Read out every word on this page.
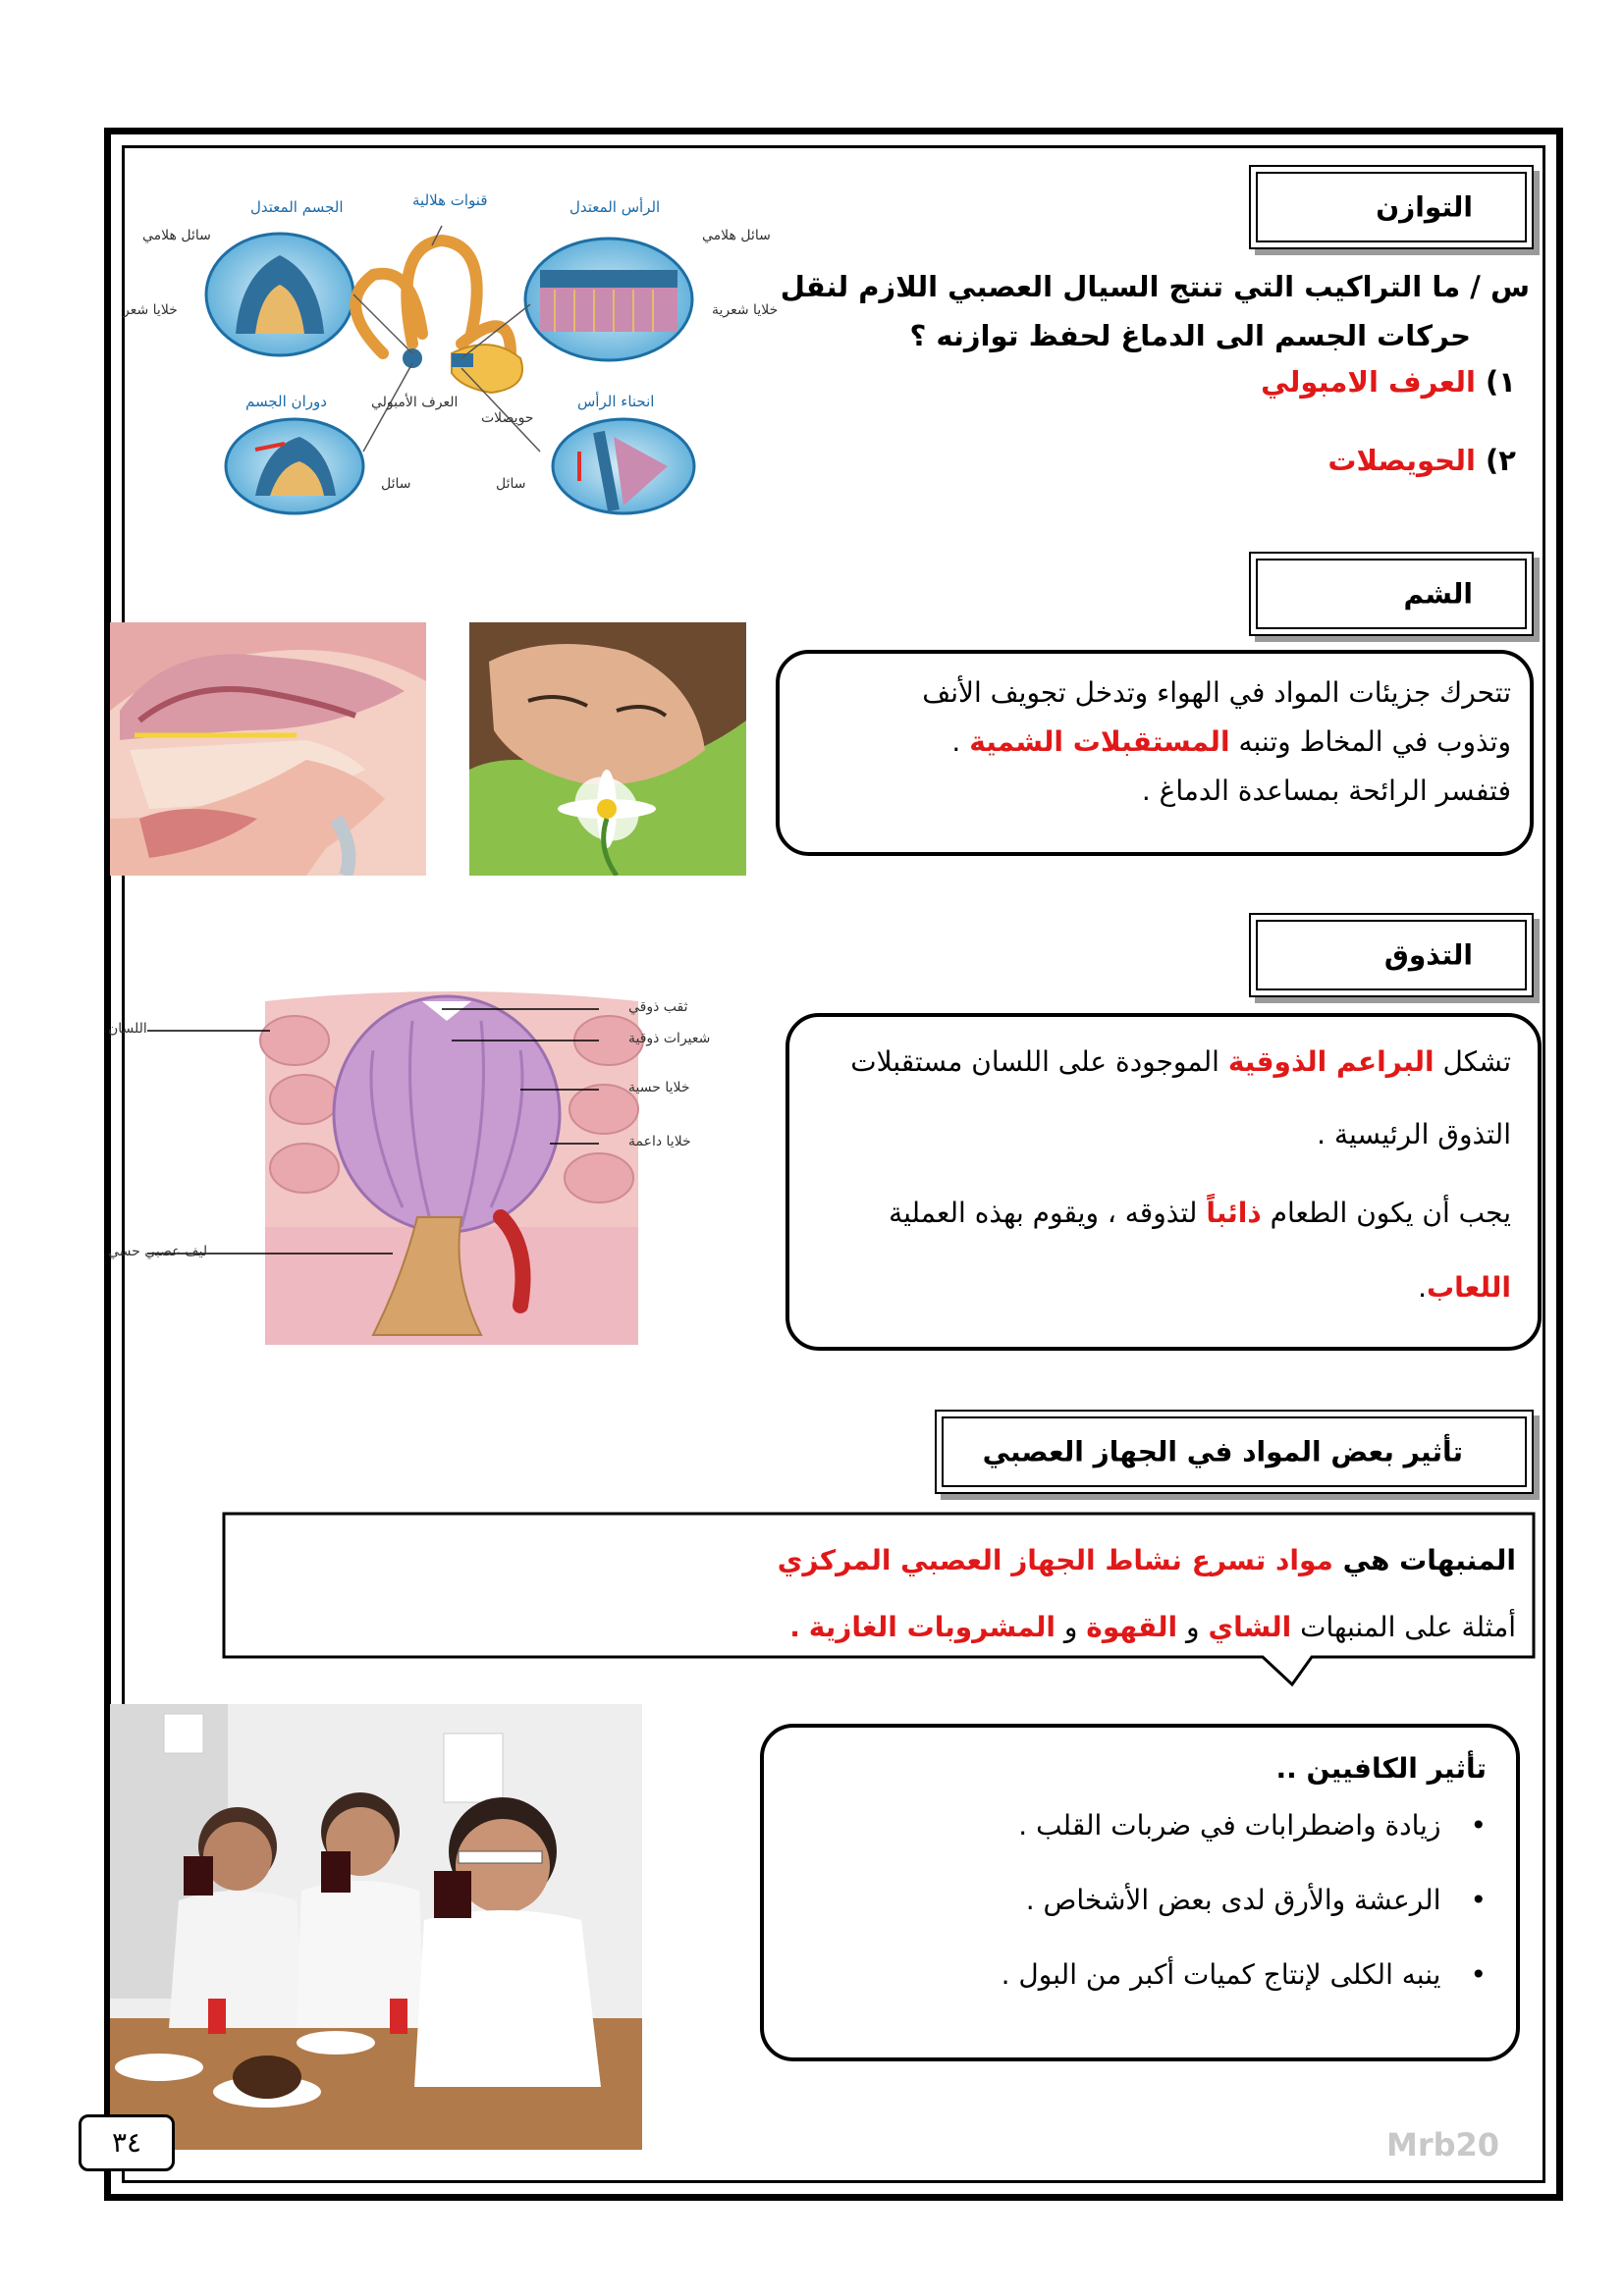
التوازن
س / ما التراكيب التي تنتج السيال العصبي اللازم لنقل
حركات الجسم الى الدماغ لحفظ توازنه ؟
١) العرف الامبولي
٢) الحويصلات
الجسم المعتدل	قنوات هلالية	الرأس المعتدل
سائل هلامي
خلايا شعر
سائل هلامي
خلايا شعرية
دوران الجسم	العرف الأمبولي	انحناء الرأس
حويصلات
سائل	سائل
الشم
تتحرك جزيئات المواد في الهواء وتدخل تجويف الأنف
وتذوب في المخاط وتنبه المستقبلات الشمية .
فتفسر الرائحة بمساعدة الدماغ .
التذوق
اللسان
ليف عصبي حسي
ثقب ذوقي
شعيرات ذوقية
خلايا حسية
خلايا داعمة
تشكل البراعم الذوقية الموجودة على اللسان مستقبلات
التذوق الرئيسية .
يجب أن يكون الطعام ذائباً لتذوقه ، ويقوم بهذه العملية
اللعاب.
تأثير بعض المواد في الجهاز العصبي
المنبهات هي مواد تسرع نشاط الجهاز العصبي المركزي
أمثلة على المنبهات الشاي و القهوة و المشروبات الغازية .
تأثير الكافيين ..
•زيادة واضطرابات في ضربات القلب .
•الرعشة والأرق لدى بعض الأشخاص .
•ينبه الكلى لإنتاج كميات أكبر من البول .
٣٤	Mrb20
